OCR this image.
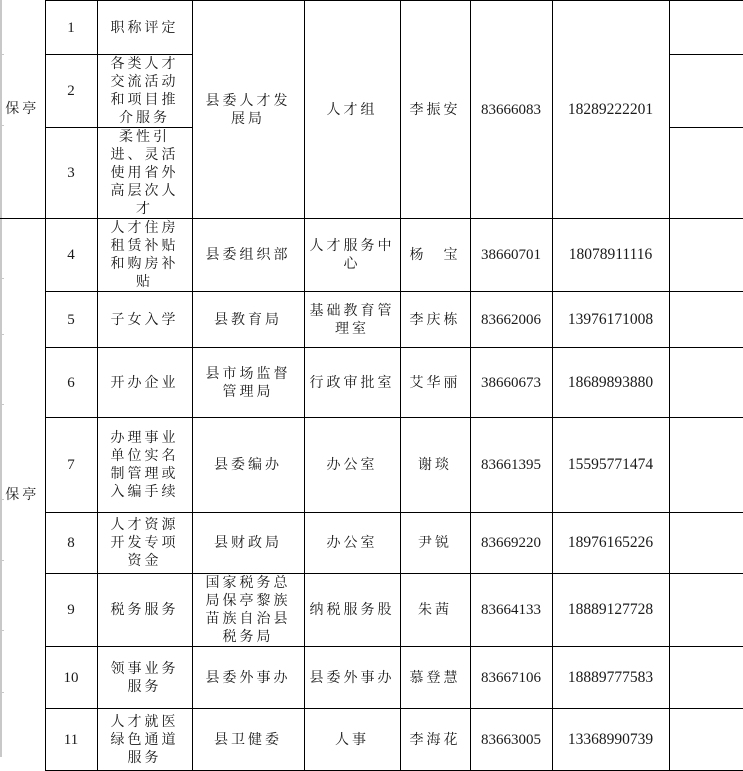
保亭	1	职称评定	县委人才发展局	人才组	李振安	83666083	18289222201	
	2	各类人才交流活动和项目推介服务						
	3	柔性引进、灵活使用省外高层次人才						
保亭	4	人才住房租赁补贴和购房补贴	县委组织部	人才服务中心	杨　宝	38660701	18078911116	
	5	子女入学	县教育局	基础教育管理室	李庆栋	83662006	13976171008	
	6	开办企业	县市场监督管理局	行政审批室	艾华丽	38660673	18689893880	
	7	办理事业单位实名制管理或入编手续	县委编办	办公室	谢琰	83661395	15595771474	
	8	人才资源开发专项资金	县财政局	办公室	尹锐	83669220	18976165226	
	9	税务服务	国家税务总局保亭黎族苗族自治县税务局	纳税服务股	朱茜	83664133	18889127728	
	10	领事业务服务	县委外事办	县委外事办	慕登慧	83667106	18889777583	
	11	人才就医绿色通道服务	县卫健委	人事	李海花	83663005	13368990739	
